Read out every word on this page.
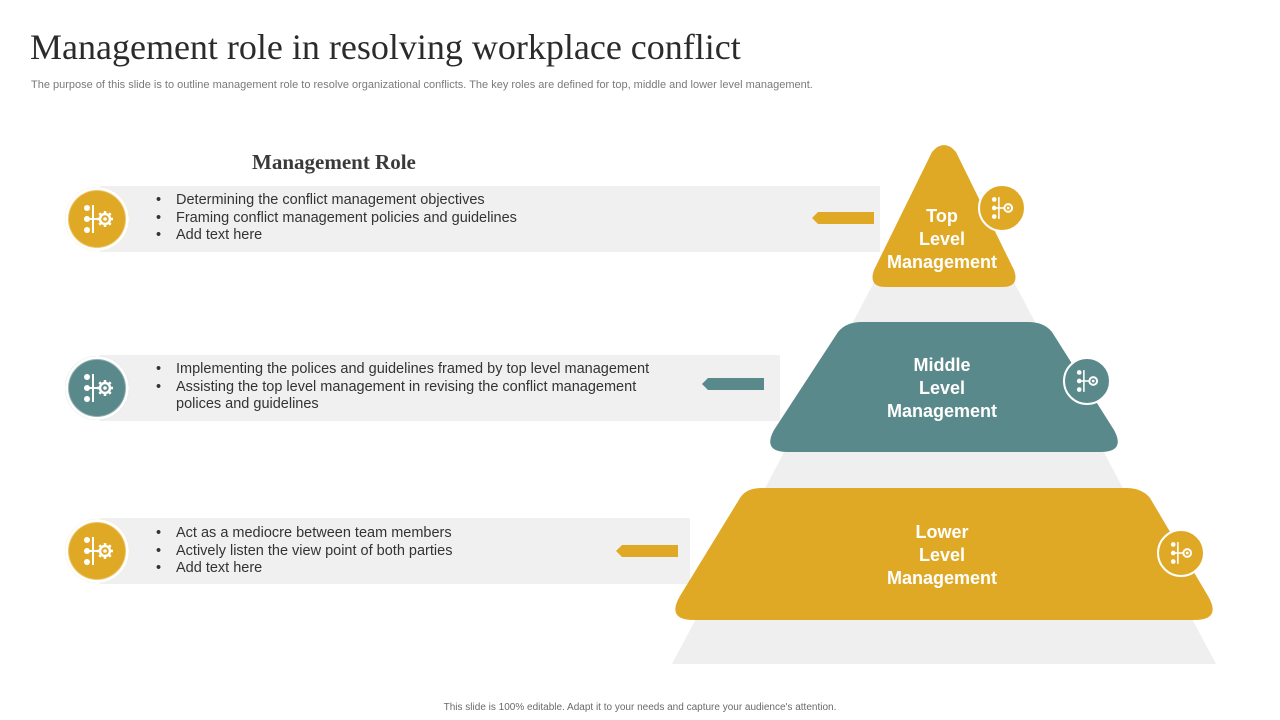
Management role in resolving workplace conflict
The purpose of this slide is to outline management role to resolve organizational conflicts. The key roles are defined for top, middle and lower level management.
Management Role
• Determining the conflict management objectives
• Framing conflict management policies and guidelines
• Add text here
• Implementing the polices and guidelines framed by top level management
• Assisting the top level management in revising the conflict management
polices and guidelines
• Act as a mediocre between team members
• Actively listen the view point of both parties
• Add text here
Top
Level
Management
Middle
Level
Management
Lower
Level
Management
This slide is 100% editable. Adapt it to your needs and capture your audience's attention.
